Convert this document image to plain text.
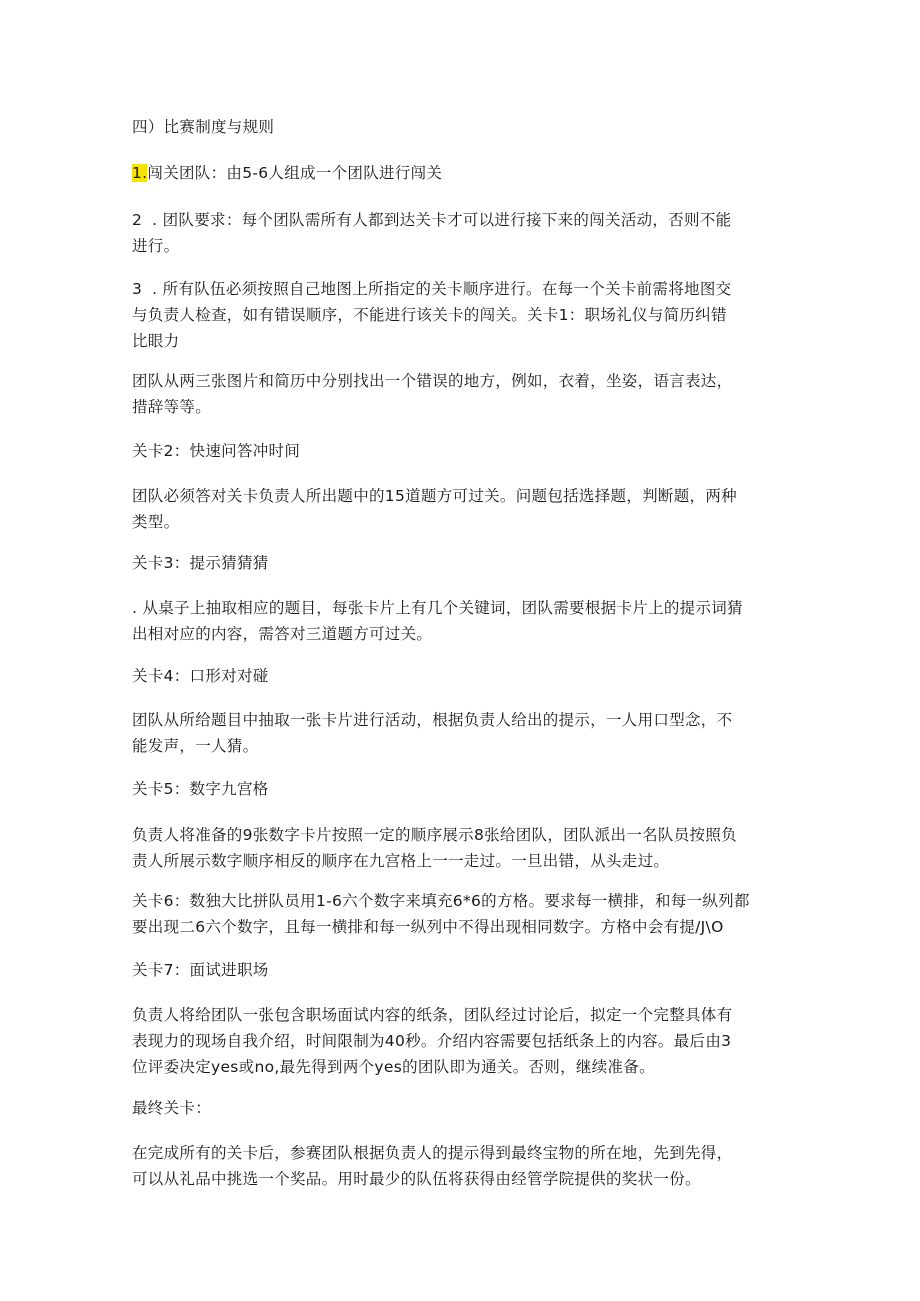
四）比赛制度与规则
1.闯关团队：由5-6人组成一个团队进行闯关
2 . 团队要求：每个团队需所有人都到达关卡才可以进行接下来的闯关活动，否则不能
进行。
3 . 所有队伍必须按照自己地图上所指定的关卡顺序进行。在每一个关卡前需将地图交
与负责人检查，如有错误顺序，不能进行该关卡的闯关。关卡1：职场礼仪与简历纠错
比眼力
团队从两三张图片和简历中分别找出一个错误的地方，例如，衣着，坐姿，语言表达，
措辞等等。
关卡2：快速问答冲时间
团队必须答对关卡负责人所出题中的15道题方可过关。问题包括选择题，判断题，两种
类型。
关卡3：提示猜猜猜
. 从桌子上抽取相应的题目，每张卡片上有几个关键词，团队需要根据卡片上的提示词猜
出相对应的内容，需答对三道题方可过关。
关卡4：口形对对碰
团队从所给题目中抽取一张卡片进行活动，根据负责人给出的提示，一人用口型念，不
能发声，一人猜。
关卡5：数字九宫格
负责人将准备的9张数字卡片按照一定的顺序展示8张给团队，团队派出一名队员按照负
责人所展示数字顺序相反的顺序在九宫格上一一走过。一旦出错，从头走过。
关卡6：数独大比拼队员用1-6六个数字来填充6*6的方格。要求每一横排，和每一纵列都
要出现二6六个数字，且每一横排和每一纵列中不得出现相同数字。方格中会有提/J\O
关卡7：面试进职场
负责人将给团队一张包含职场面试内容的纸条，团队经过讨论后，拟定一个完整具体有
表现力的现场自我介绍，时间限制为40秒。介绍内容需要包括纸条上的内容。最后由3
位评委决定yes或no,最先得到两个yes的团队即为通关。否则，继续准备。
最终关卡：
在完成所有的关卡后，参赛团队根据负责人的提示得到最终宝物的所在地，先到先得，
可以从礼品中挑选一个奖品。用时最少的队伍将获得由经管学院提供的奖状一份。
